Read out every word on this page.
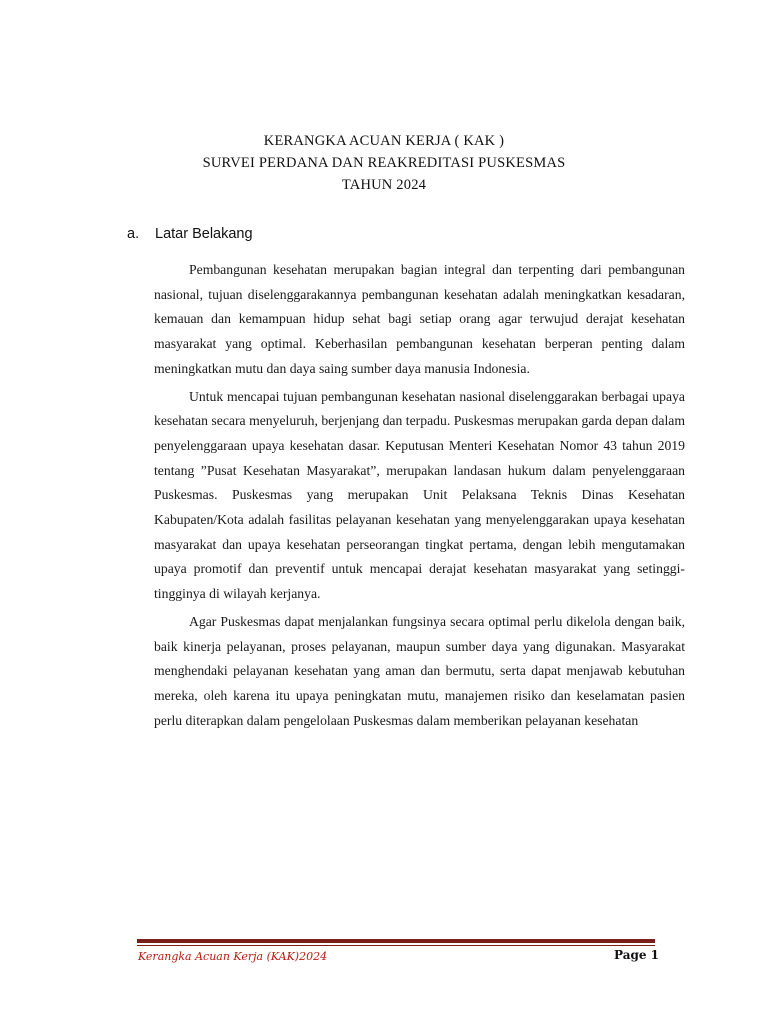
KERANGKA ACUAN KERJA ( KAK )
SURVEI PERDANA DAN REAKREDITASI PUSKESMAS
TAHUN 2024
a. Latar Belakang

Pembangunan kesehatan merupakan bagian integral dan terpenting dari pembangunan nasional, tujuan diselenggarakannya pembangunan kesehatan adalah meningkatkan kesadaran, kemauan dan kemampuan hidup sehat bagi setiap orang agar terwujud derajat kesehatan masyarakat yang optimal. Keberhasilan pembangunan kesehatan berperan penting dalam meningkatkan mutu dan daya saing sumber daya manusia Indonesia.

Untuk mencapai tujuan pembangunan kesehatan nasional diselenggarakan berbagai upaya kesehatan secara menyeluruh, berjenjang dan terpadu. Puskesmas merupakan garda depan dalam penyelenggaraan upaya kesehatan dasar. Keputusan Menteri Kesehatan Nomor 43 tahun 2019 tentang ”Pusat Kesehatan Masyarakat”, merupakan landasan hukum dalam penyelenggaraan Puskesmas. Puskesmas yang merupakan Unit Pelaksana Teknis Dinas Kesehatan Kabupaten/Kota adalah fasilitas pelayanan kesehatan yang menyelenggarakan upaya kesehatan masyarakat dan upaya kesehatan perseorangan tingkat pertama, dengan lebih mengutamakan upaya promotif dan preventif untuk mencapai derajat kesehatan masyarakat yang setinggi-tingginya di wilayah kerjanya.

Agar Puskesmas dapat menjalankan fungsinya secara optimal perlu dikelola dengan baik, baik kinerja pelayanan, proses pelayanan, maupun sumber daya yang digunakan. Masyarakat menghendaki pelayanan kesehatan yang aman dan bermutu, serta dapat menjawab kebutuhan mereka, oleh karena itu upaya peningkatan mutu, manajemen risiko dan keselamatan pasien perlu diterapkan dalam pengelolaan Puskesmas dalam memberikan pelayanan kesehatan

Kerangka Acuan Kerja (KAK)2024	Page 1
